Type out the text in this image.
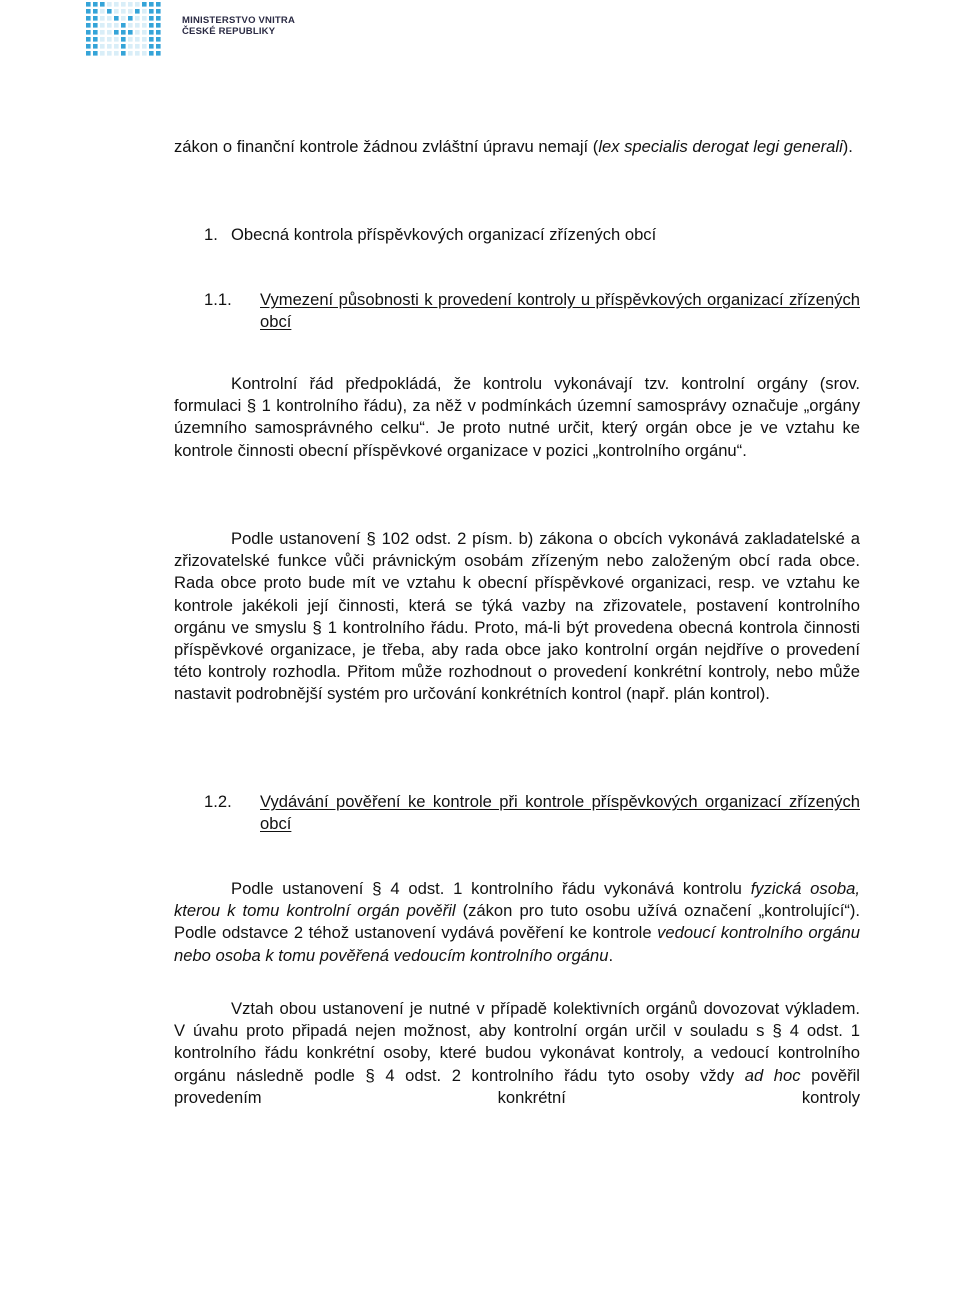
MINISTERSTVO VNITRA
ČESKÉ REPUBLIKY

zákon o finanční kontrole žádnou zvláštní úpravu nemají (lex specialis derogat legi generali).

1. Obecná kontrola příspěvkových organizací zřízených obcí
1.1. Vymezení působnosti k provedení kontroly u příspěvkových organizací zřízených obcí

Kontrolní řád předpokládá, že kontrolu vykonávají tzv. kontrolní orgány (srov. formulaci § 1 kontrolního řádu), za něž v podmínkách územní samosprávy označuje „orgány územního samosprávného celku“. Je proto nutné určit, který orgán obce je ve vztahu ke kontrole činnosti obecní příspěvkové organizace v pozici „kontrolního orgánu“.

Podle ustanovení § 102 odst. 2 písm. b) zákona o obcích vykonává zakladatelské a zřizovatelské funkce vůči právnickým osobám zřízeným nebo založeným obcí rada obce. Rada obce proto bude mít ve vztahu k obecní příspěvkové organizaci, resp. ve vztahu ke kontrole jakékoli její činnosti, která se týká vazby na zřizovatele, postavení kontrolního orgánu ve smyslu § 1 kontrolního řádu. Proto, má-li být provedena obecná kontrola činnosti příspěvkové organizace, je třeba, aby rada obce jako kontrolní orgán nejdříve o provedení této kontroly rozhodla. Přitom může rozhodnout o provedení konkrétní kontroly, nebo může nastavit podrobnější systém pro určování konkrétních kontrol (např. plán kontrol).

1.2. Vydávání pověření ke kontrole při kontrole příspěvkových organizací zřízených obcí

Podle ustanovení § 4 odst. 1 kontrolního řádu vykonává kontrolu fyzická osoba, kterou k tomu kontrolní orgán pověřil (zákon pro tuto osobu užívá označení „kontrolující“). Podle odstavce 2 téhož ustanovení vydává pověření ke kontrole vedoucí kontrolního orgánu nebo osoba k tomu pověřená vedoucím kontrolního orgánu.

Vztah obou ustanovení je nutné v případě kolektivních orgánů dovozovat výkladem. V úvahu proto připadá nejen možnost, aby kontrolní orgán určil v souladu s § 4 odst. 1 kontrolního řádu konkrétní osoby, které budou vykonávat kontroly, a vedoucí kontrolního orgánu následně podle § 4 odst. 2 kontrolního řádu tyto osoby vždy ad hoc pověřil provedením konkrétní kontroly
